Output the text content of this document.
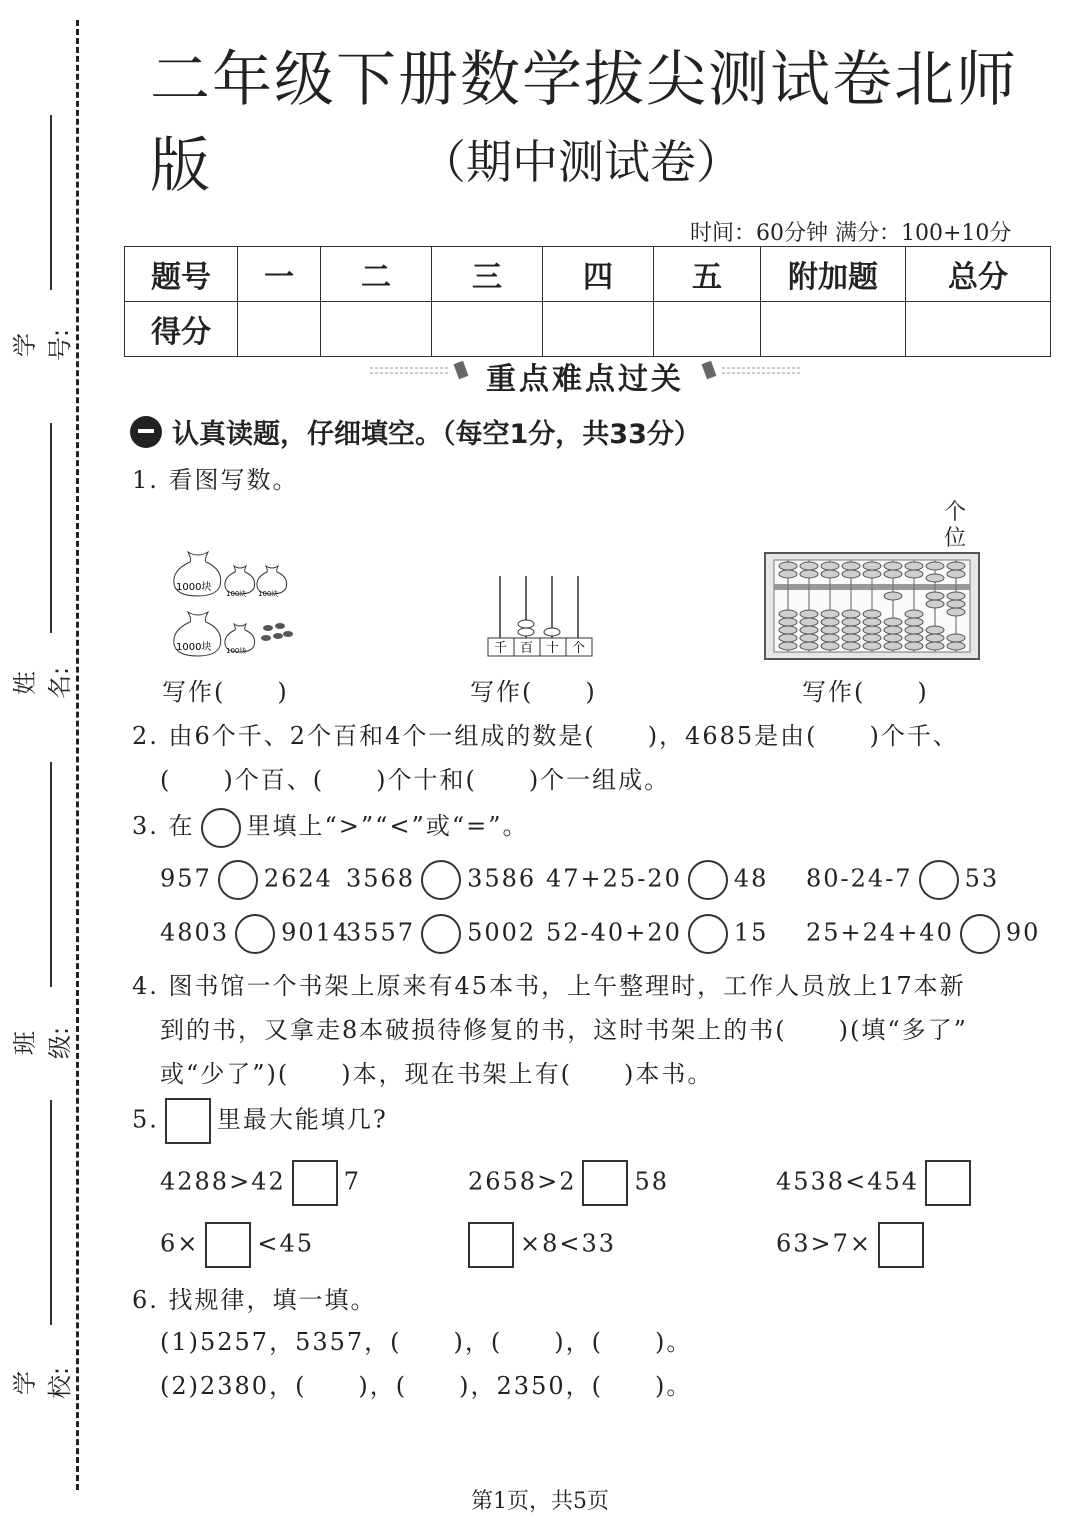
学号:
姓名:
班级:
学校:
二年级下册数学拔尖测试卷北师版	（期中测试卷）
时间：60分钟 满分：100+10分
题号	一	二	三	四	五	附加题	总分
得分							
重点难点过关
认真读题，仔细填空。（每空1分，共33分）
1. 看图写数。
1000块
1000块
100块 100块
100块	千 百 十 个
个位
写作(　　)	写作(　　)	写作(　　)
2. 由6个千、2个百和4个一组成的数是(　　)，4685是由(　　)个千、
(　　)个百、(　　)个十和(　　)个一组成。
3. 在 里填上“>”“<”或“=”。
957 2624 3568 3586 47+25-20 48 80-24-7 53
4803 9014
3557 5002 52-40+20 15 25+24+40 90
4. 图书馆一个书架上原来有45本书，上午整理时，工作人员放上17本新
到的书，又拿走8本破损待修复的书，这时书架上的书(　　)(填“多了”
或“少了”)(　　)本，现在书架上有(　　)本书。
5. 里最大能填几?
4288>42 7	2658>2 58	4538<454
6× <45	×8<33	63>7×
6. 找规律，填一填。
(1)5257，5357，(　　)，(　　)，(　　)。
(2)2380，(　　)，(　　)，2350，(　　)。
第1页，共5页
